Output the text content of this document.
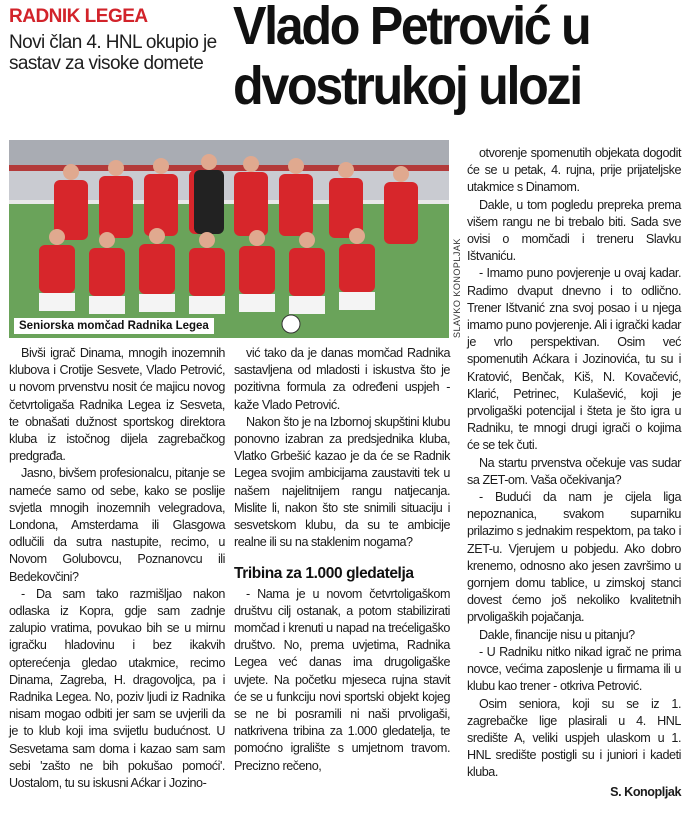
RADNIK LEGEA
Novi član 4. HNL okupio je sastav za visoke domete
Vlado Petrović u
dvostrukoj ulozi
Seniorska momčad Radnika Legea	SLAVKO KONOPLJAK

Bivši igrač Dinama, mnogih inozemnih klubova i Crotije Sesvete, Vlado Petrović, u novom prvenstvu nosit će majicu novog četvrtoligaša Radnika Legea iz Sesveta, te obnašati dužnost sportskog direktora kluba iz istočnog dijela zagrebačkog predgrađa.

Jasno, bivšem profesionalcu, pitanje se nameće samo od sebe, kako se poslije svjetla mnogih inozemnih velegradova, Londona, Amsterdama ili Glasgowa odlučili da sutra nastupite, recimo, u Novom Golubovcu, Poznanovcu ili Bedekovčini?

- Da sam tako razmišljao nakon odlaska iz Kopra, gdje sam zadnje zalupio vratima, povukao bih se u mirnu igračku hladovinu i bez ikakvih opterećenja gledao utakmice, recimo Dinama, Zagreba, H. dragovoljca, pa i Radnika Legea. No, poziv ljudi iz Radnika nisam mogao odbiti jer sam se uvjerili da je to klub koji ima svijetlu budućnost. U Sesvetama sam doma i kazao sam sam sebi 'zašto ne bih pokušao pomoći'. Uostalom, tu su iskusni Aćkar i Jozino-

vić tako da je danas momčad Radnika sastavljena od mladosti i iskustva što je pozitivna formula za određeni uspjeh - kaže Vlado Petrović.

Nakon što je na Izbornoj skupštini klubu ponovno izabran za predsjednika kluba, Vlatko Grbešić kazao je da će se Radnik Legea svojim ambicijama zaustaviti tek u našem najelitnijem rangu natjecanja. Mislite li, nakon što ste snimili situaciju i sesvetskom klubu, da su te ambicije realne ili su na staklenim nogama?

Tribina za 1.000 gledatelja

- Nama je u novom četvrtoligaškom društvu cilj ostanak, a potom stabilizirati momčad i krenuti u napad na trećeligaško društvo. No, prema uvjetima, Radnika Legea već danas ima drugoligaške uvjete. Na početku mjeseca rujna stavit će se u funkciju novi sportski objekt kojeg se ne bi posramili ni naši prvoligaši, natkrivena tribina za 1.000 gledatelja, te pomoćno igralište s umjetnom travom. Precizno rečeno,

otvorenje spomenutih objekata dogodit će se u petak, 4. rujna, prije prijateljske utakmice s Dinamom.

Dakle, u tom pogledu prepreka prema višem rangu ne bi trebalo biti. Sada sve ovisi o momčadi i treneru Slavku Ištvaniću.

- Imamo puno povjerenje u ovaj kadar. Radimo dvaput dnevno i to odlično. Trener Ištvanić zna svoj posao i u njega imamo puno povjerenje. Ali i igrački kadar je vrlo perspektivan. Osim već spomenutih Aćkara i Jozinovića, tu su i Kratović, Benčak, Kiš, N. Kovačević, Klarić, Petrinec, Kulašević, koji je prvoligaški potencijal i šteta je što igra u Radniku, te mnogi drugi igrači o kojima će se tek čuti.

Na startu prvenstva očekuje vas sudar sa ZET-om. Vaša očekivanja?

- Budući da nam je cijela liga nepoznanica, svakom suparniku prilazimo s jednakim respektom, pa tako i ZET-u. Vjerujem u pobjedu. Ako dobro krenemo, odnosno ako jesen završimo u gornjem domu tablice, u zimskoj stanci dovest ćemo još nekoliko kvalitetnih prvoligaških pojačanja.

Dakle, financije nisu u pitanju?

- U Radniku nitko nikad igrač ne prima novce, većima zaposlenje u firmama ili u klubu kao trener - otkriva Petrović.

Osim seniora, koji su se iz 1. zagrebačke lige plasirali u 4. HNL središte A, veliki uspjeh ulaskom u 1. HNL središte postigli su i juniori i kadeti kluba.

S. Konopljak
